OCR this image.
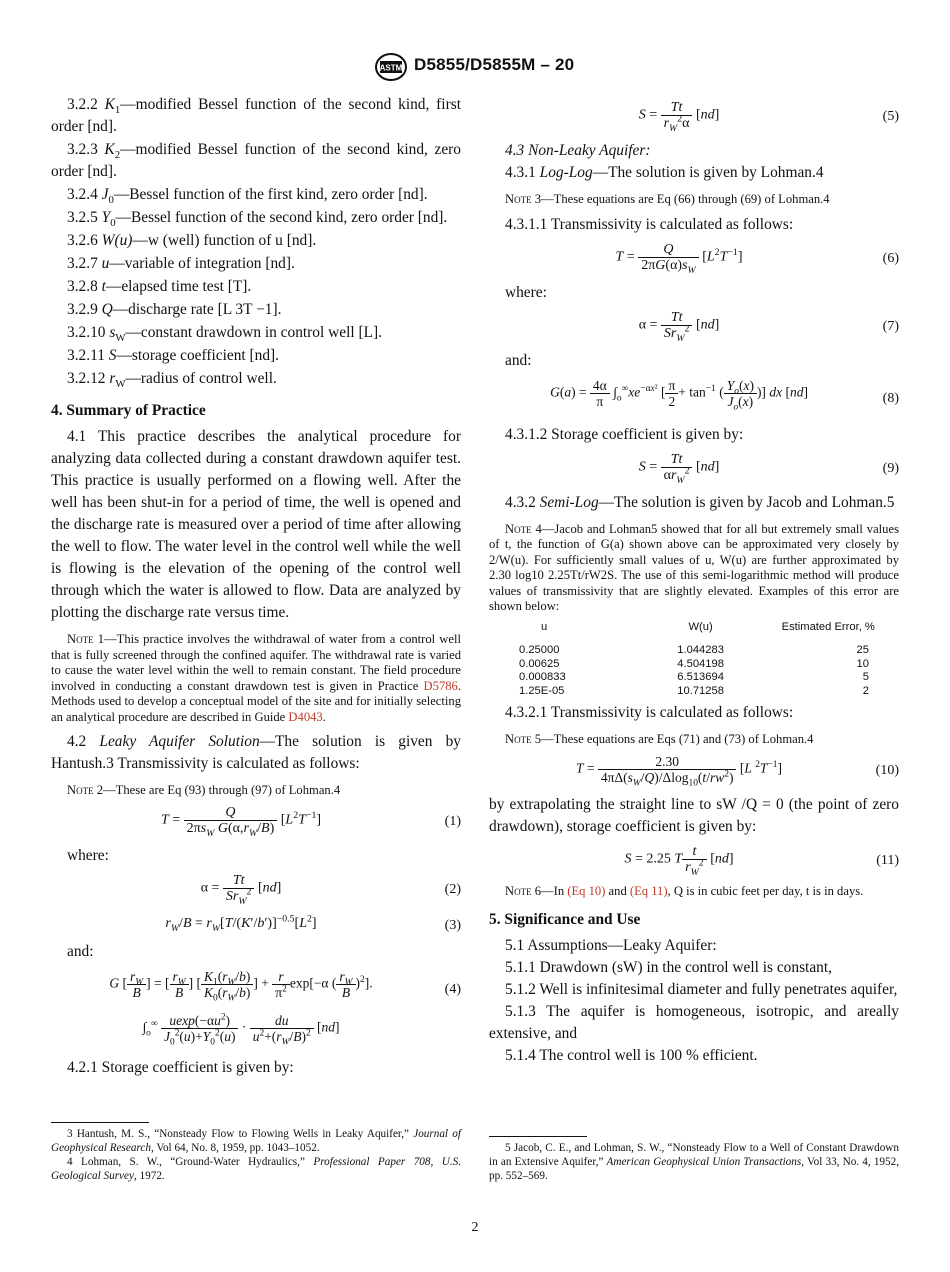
ASTM D5855/D5855M – 20

3.2.2 $K_1—modified$ Bessel function of the second kind, first order [nd].

3.2.3 $K_2—modified$ Bessel function of the second kind, zero order [nd].

3.2.4 $J_0—Bessel$ function of the first kind, zero order [nd].

3.2.5 $Y_0—Bessel$ function of the second kind, zero order [nd].

3.2.6 W(u)—w (well) function of u [nd].

3.2.7 u—variable of integration [nd].

3.2.8 t—elapsed time test [T].

3.2.9 Q—discharge rate [L 3T −1].

3.2.10 $s_W—constant$ drawdown in control well [L].

3.2.11 S—storage coefficient [nd].

3.2.12 $r_W—radius$ of control well.

4. Summary of Practice

4.1 This practice describes the analytical procedure for analyzing data collected during a constant drawdown aquifer test. This practice is usually performed on a flowing well. After the well has been shut-in for a period of time, the well is opened and the discharge rate is measured over a period of time after allowing the well to flow. The water level in the control well while the well is flowing is the elevation of the opening of the control well through which the water is allowed to flow. Data are analyzed by plotting the discharge rate versus time.

Note 1—This practice involves the withdrawal of water from a control well that is fully screened through the confined aquifer. The withdrawal rate is varied to cause the water level within the well to remain constant. The field procedure involved in conducting a constant drawdown test is given in Practice D5786. Methods used to develop a conceptual model of the site and for initially selecting an analytical procedure are described in Guide D4043.

4.2 Leaky Aquifer Solution—The solution is given by Hantush.3 Transmissivity is calculated as follows:

Note 2—These are Eq (93) through (97) of Lohman.4

$T = \frac{Q}{2\pi s_W G(\alpha,r_W/B)} [L^2T^{-1}]$	(1)

where:

$\alpha = \frac{Tt}{Sr_W^2} [nd]$	(2)
$r_W/B = r_W[T/(K'/b')]^{-0.5}[L^2]$	(3)

and:

G [ $\frac{r_W}{B}$ ] = [ $\frac{r_W}{B}$ ] [ $\frac{K_1(r_W/b)}{K_0(r_W/b)}$ ] + $\frac{r}{\pi^2} \exp[-\alpha$ ( $\frac{r_W}{B} )^2$].	(4)
$\int_o^\infty \frac{uexp(-\alpha u^2)}{J_0^2(u)+Y_0^2(u)} \cdot \frac{du}{u^2+(r_W/B)^2} [nd]$

4.2.1 Storage coefficient is given by:

3 Hantush, M. S., “Nonsteady Flow to Flowing Wells in Leaky Aquifer,” Journal of Geophysical Research, Vol 64, No. 8, 1959, pp. 1043–1052.

4 Lohman, S. W., “Ground-Water Hydraulics,” Professional Paper 708, U.S. Geological Survey, 1972.

$S = \frac{Tt}{r_W^2\alpha} [nd]$	(5)

4.3 Non-Leaky Aquifer:

4.3.1 Log-Log—The solution is given by Lohman.4

Note 3—These equations are Eq (66) through (69) of Lohman.4

4.3.1.1 Transmissivity is calculated as follows:

$T = \frac{Q}{2\pi G(\alpha)s_W} [L^2T^{-1}]$	(6)

where:

$\alpha = \frac{Tt}{Sr_W^2} [nd]$	(7)

and:

$G(a) = \frac{4\alpha}{\pi} \int_o^\infty xe^{-\alpha x^2}$ [ $\frac{\pi}{2} + \tan^{-1}$ ( $\frac{Y_o(x)}{J_o(x)}$ )] dx [nd]	(8)

4.3.1.2 Storage coefficient is given by:

$S = \frac{Tt}{\alpha r_W^2} [nd]$	(9)

4.3.2 Semi-Log—The solution is given by Jacob and Lohman.5

Note 4—Jacob and Lohman5 showed that for all but extremely small values of t, the function of G(a) shown above can be approximated very closely by 2/W(u). For sufficiently small values of u, W(u) are further approximated by 2.30 log10 2.25Tt/rW2S. The use of this semi-logarithmic method will produce values of transmissivity that are slightly elevated. Examples of this error are shown below:

u	W(u)	Estimated Error, %
0.25000	1.044283	25
0.00625	4.504198	10
0.000833	6.513694	5
1.25E-05	10.71258	2

4.3.2.1 Transmissivity is calculated as follows:

Note 5—These equations are Eqs (71) and (73) of Lohman.4

$T = \frac{2.30}{4\pi\Delta(s_W/Q)/\Delta\log_{10}(t/rw^2)} [L$ $^2T^{-1}$]	(10)

by extrapolating the straight line to sW /Q = 0 (the point of zero drawdown), storage coefficient is given by:

S = 2.25 T $\frac{t}{r_W^2} [nd]$	(11)

Note 6—In (Eq 10) and (Eq 11), Q is in cubic feet per day, t is in days.

5. Significance and Use

5.1 Assumptions—Leaky Aquifer:

5.1.1 Drawdown (sW) in the control well is constant,

5.1.2 Well is infinitesimal diameter and fully penetrates aquifer,

5.1.3 The aquifer is homogeneous, isotropic, and areally extensive, and

5.1.4 The control well is 100 % efficient.

5 Jacob, C. E., and Lohman, S. W., “Nonsteady Flow to a Well of Constant Drawdown in an Extensive Aquifer,” American Geophysical Union Transactions, Vol 33, No. 4, 1952, pp. 552–569.

2
